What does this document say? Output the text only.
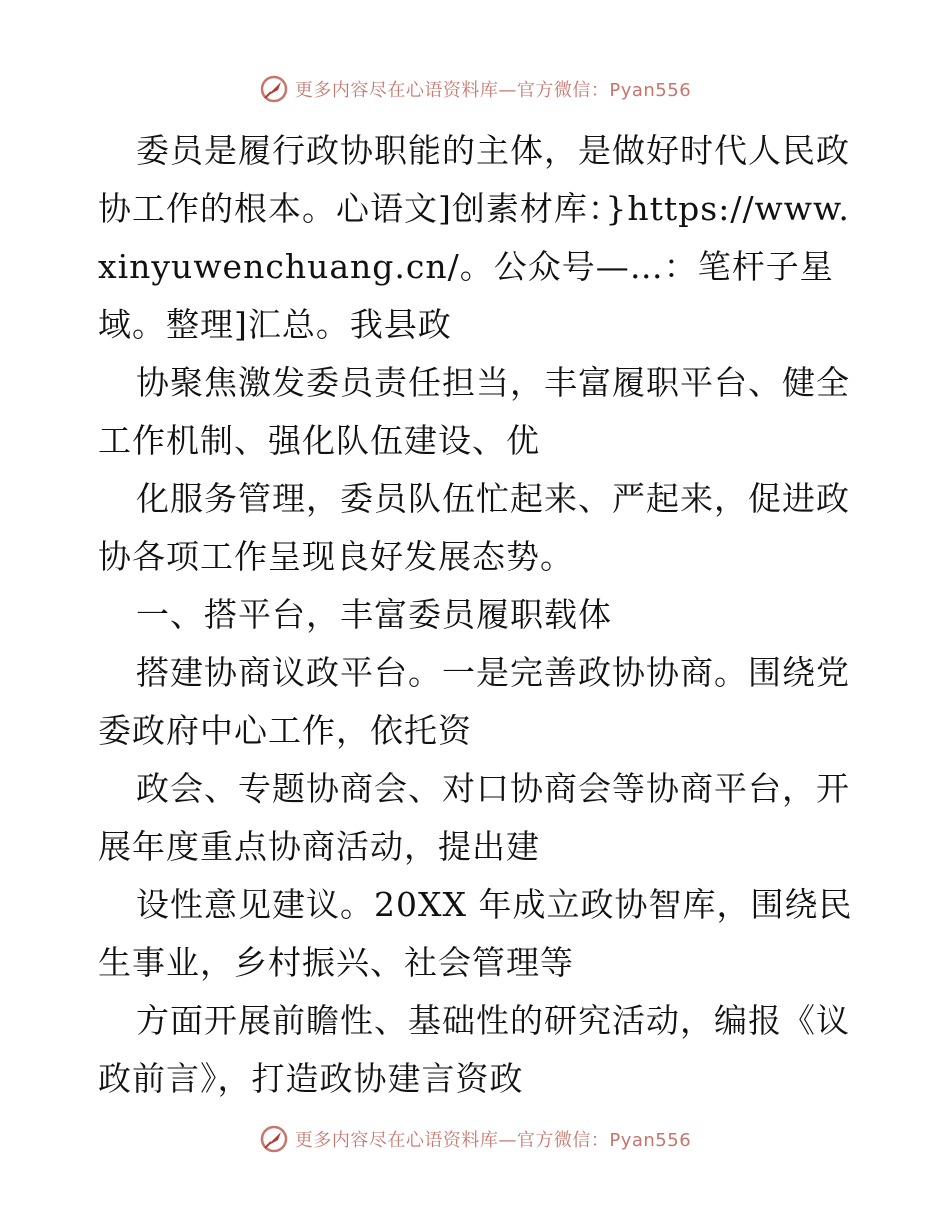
更多内容尽在心语资料库—官方微信：Pyan556

委员是履行政协职能的主体，是做好时代人民政协工作的根本。心语文]创素材库：}https://www.xinyuwenchuang.cn/。公众号—…：笔杆子星域。整理]汇总。我县政

协聚焦激发委员责任担当，丰富履职平台、健全工作机制、强化队伍建设、优

化服务管理，委员队伍忙起来、严起来，促进政协各项工作呈现良好发展态势。

一、搭平台，丰富委员履职载体

搭建协商议政平台。一是完善政协协商。围绕党委政府中心工作，依托资

政会、专题协商会、对口协商会等协商平台，开展年度重点协商活动，提出建

设性意见建议。20XX 年成立政协智库，围绕民生事业，乡村振兴、社会管理等

方面开展前瞻性、基础性的研究活动，编报《议政前言》，打造政协建言资政

更多内容尽在心语资料库—官方微信：Pyan556
